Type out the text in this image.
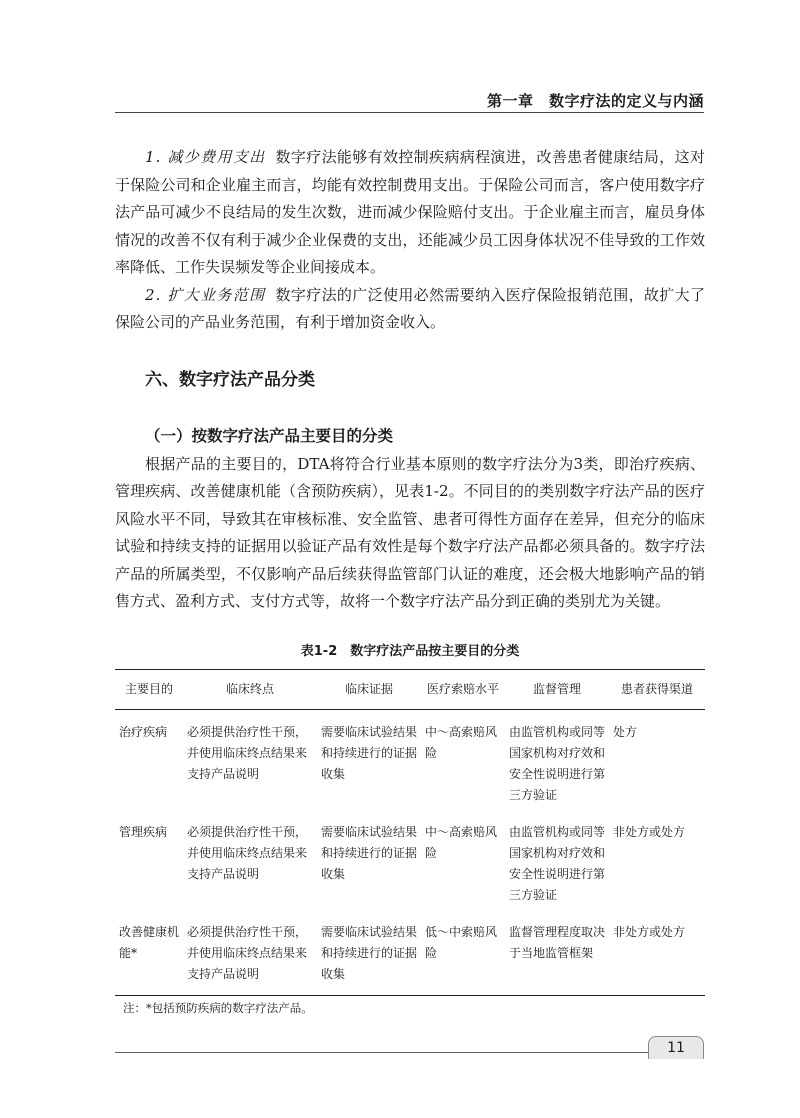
第一章　数字疗法的定义与内涵

1. 减少费用支出 数字疗法能够有效控制疾病病程演进，改善患者健康结局，这对于保险公司和企业雇主而言，均能有效控制费用支出。于保险公司而言，客户使用数字疗法产品可减少不良结局的发生次数，进而减少保险赔付支出。于企业雇主而言，雇员身体情况的改善不仅有利于减少企业保费的支出，还能减少员工因身体状况不佳导致的工作效率降低、工作失误频发等企业间接成本。

2. 扩大业务范围 数字疗法的广泛使用必然需要纳入医疗保险报销范围，故扩大了保险公司的产品业务范围，有利于增加资金收入。

六、数字疗法产品分类
（一）按数字疗法产品主要目的分类

根据产品的主要目的，DTA将符合行业基本原则的数字疗法分为3类，即治疗疾病、管理疾病、改善健康机能（含预防疾病），见表1-2。不同目的的类别数字疗法产品的医疗风险水平不同，导致其在审核标准、安全监管、患者可得性方面存在差异，但充分的临床试验和持续支持的证据用以验证产品有效性是每个数字疗法产品都必须具备的。数字疗法产品的所属类型，不仅影响产品后续获得监管部门认证的难度，还会极大地影响产品的销售方式、盈利方式、支付方式等，故将一个数字疗法产品分到正确的类别尤为关键。

表1-2　数字疗法产品按主要目的分类
主要目的	临床终点	临床证据	医疗索赔水平	监督管理	患者获得渠道
治疗疾病	必须提供治疗性干预，并使用临床终点结果来支持产品说明	需要临床试验结果和持续进行的证据收集	中～高索赔风险	由监管机构或同等国家机构对疗效和安全性说明进行第三方验证	处方
管理疾病	必须提供治疗性干预，并使用临床终点结果来支持产品说明	需要临床试验结果和持续进行的证据收集	中～高索赔风险	由监管机构或同等国家机构对疗效和安全性说明进行第三方验证	非处方或处方
改善健康机能*	必须提供治疗性干预，并使用临床终点结果来支持产品说明	需要临床试验结果和持续进行的证据收集	低～中索赔风险	监督管理程度取决于当地监管框架	非处方或处方
注：*包括预防疾病的数字疗法产品。
11
